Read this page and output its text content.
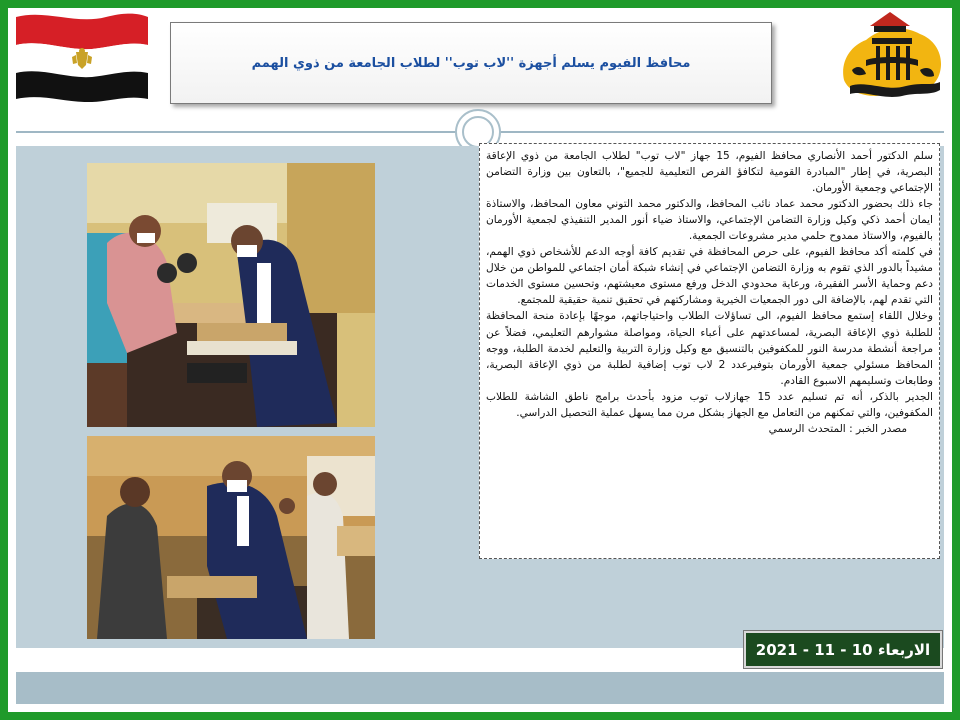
محافظ الفيوم يسلم أجهزة ''لاب توب'' لطلاب الجامعة من ذوي الهمم

سلم الدكتور أحمد الأنصاري محافظ الفيوم، 15 جهاز "لاب توب" لطلاب الجامعة من ذوي الإعاقة البصرية، في إطار "المبادرة القومية لتكافؤ الفرص التعليمية للجميع"، بالتعاون بين وزارة التضامن الإجتماعي وجمعية الأورمان.

جاء ذلك بحضور الدكتور محمد عماد نائب المحافظ، والدكتور محمد التوني معاون المحافظ، والاستاذة ايمان أحمد ذكي وكيل وزارة التضامن الإجتماعي، والاستاذ ضياء أنور المدير التنفيذي لجمعية الأورمان بالفيوم، والاستاذ ممدوح حلمي مدير مشروعات الجمعية.

في كلمته أكد محافظ الفيوم، على حرص المحافظة في تقديم كافة أوجه الدعم للأشخاص ذوي الهمم، مشيداً بالدور الذي تقوم به وزارة التضامن الإجتماعي في إنشاء شبكة أمان اجتماعي للمواطن من خلال دعم وحماية الأسر الفقيرة، ورعاية محدودي الدخل ورفع مستوى معيشتهم، وتحسين مستوى الخدمات التي تقدم لهم، بالإضافة الى دور الجمعيات الخيرية ومشاركتهم في تحقيق تنمية حقيقية للمجتمع.

وخلال اللقاء إستمع محافظ الفيوم، الى تساؤلات الطلاب واحتياجاتهم، موجهًا بإعادة منحة المحافظة للطلبة ذوي الإعاقة البصرية، لمساعدتهم على أعباء الحياة، ومواصلة مشوارهم التعليمي، فضلاً عن مراجعة أنشطة مدرسة النور للمكفوفين بالتنسيق مع وكيل وزارة التربية والتعليم لخدمة الطلبة، ووجه المحافظ مسئولي جمعية الأورمان بتوفيرعدد 2 لاب توب إضافية لطلبة من ذوي الإعاقة البصرية، وطابعات وتسليمهم الاسبوع القادم.

الجدير بالذكر، أنه تم تسليم عدد 15 جهازلاب توب مزود بأحدث برامج ناطق الشاشة للطلاب المكفوفين، والتي تمكنهم من التعامل مع الجهاز بشكل مرن مما يسهل عملية التحصيل الدراسي.

مصدر الخبر : المتحدث الرسمي

الاربعاء 10 - 11 - 2021
